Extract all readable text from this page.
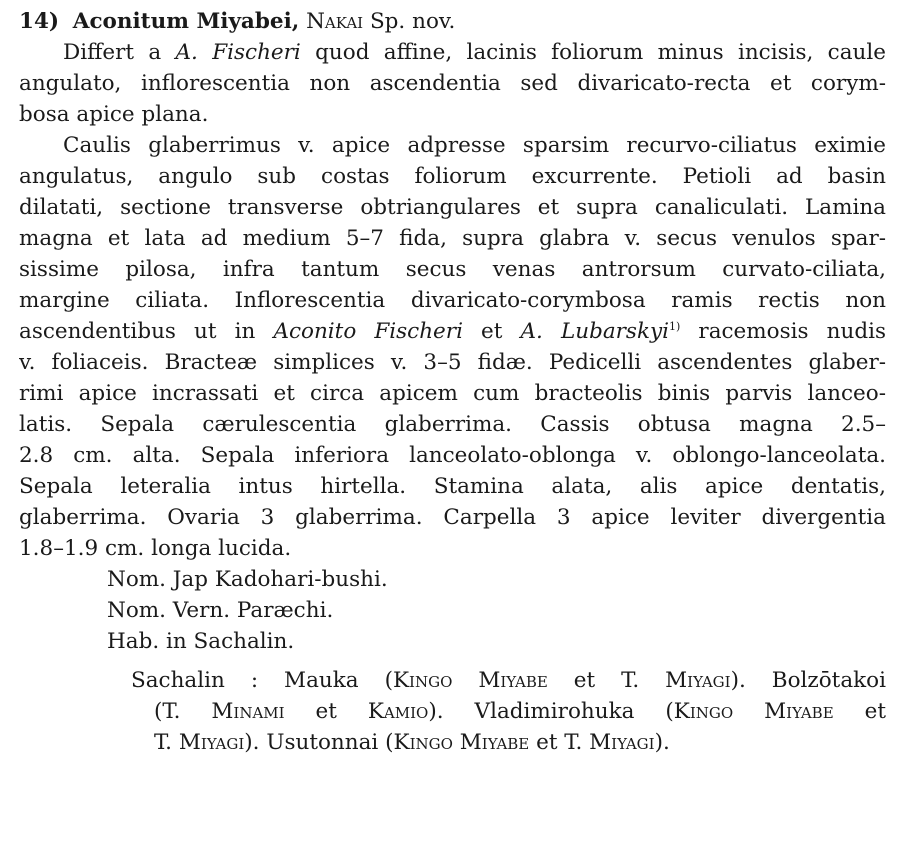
14) Aconitum Miyabei, Nakai Sp. nov.
Differt a A. Fischeri quod affine, lacinis foliorum minus incisis, caule
angulato, inflorescentia non ascendentia sed divaricato-recta et corym-
bosa apice plana.
Caulis glaberrimus v. apice adpresse sparsim recurvo-ciliatus eximie
angulatus, angulo sub costas foliorum excurrente. Petioli ad basin
dilatati, sectione transverse obtriangulares et supra canaliculati. Lamina
magna et lata ad medium 5–7 fida, supra glabra v. secus venulos spar-
sissime pilosa, infra tantum secus venas antrorsum curvato-ciliata,
margine ciliata. Inflorescentia divaricato-corymbosa ramis rectis non
ascendentibus ut in Aconito Fischeri et A. Lubarskyi$^{1)}$ racemosis nudis
v. foliaceis. Bracteæ simplices v. 3–5 fidæ. Pedicelli ascendentes glaber-
rimi apice incrassati et circa apicem cum bracteolis binis parvis lanceo-
latis. Sepala cærulescentia glaberrima. Cassis obtusa magna 2.5–
2.8 cm. alta. Sepala inferiora lanceolato-oblonga v. oblongo-lanceolata.
Sepala leteralia intus hirtella. Stamina alata, alis apice dentatis,
glaberrima. Ovaria 3 glaberrima. Carpella 3 apice leviter divergentia
1.8–1.9 cm. longa lucida.
Nom. Jap Kadohari-bushi.
Nom. Vern. Paræchi.
Hab. in Sachalin.
Sachalin : Mauka (Kingo Miyabe et T. Miyagi). Bolzōtakoi
(T. Minami et Kamio). Vladimirohuka (Kingo Miyabe et
T. Miyagi). Usutonnai (Kingo Miyabe et T. Miyagi).
